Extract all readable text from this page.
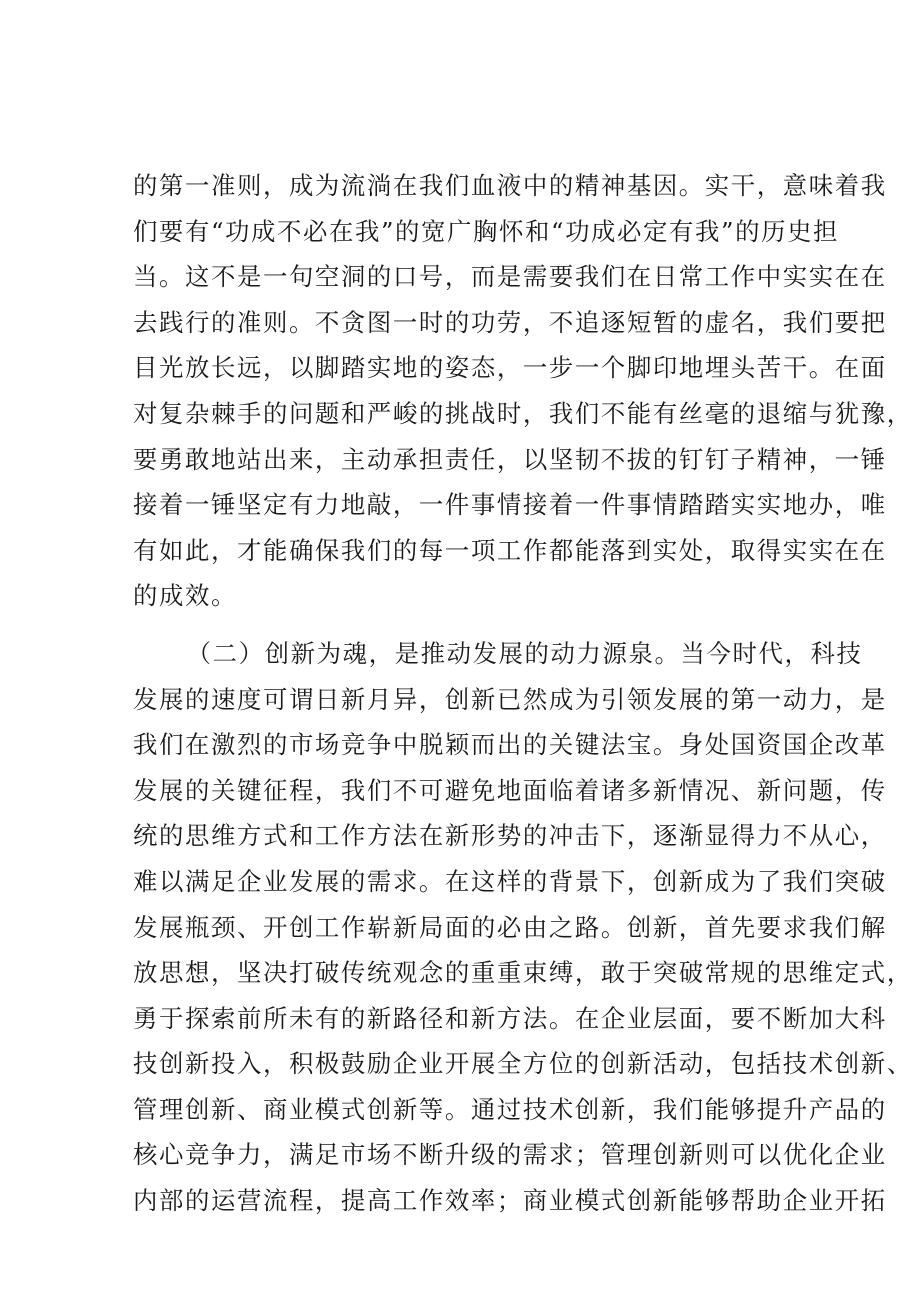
的第一准则，成为流淌在我们血液中的精神基因。实干，意味着我
们要有“功成不必在我”的宽广胸怀和“功成必定有我”的历史担
当。这不是一句空洞的口号，而是需要我们在日常工作中实实在在
去践行的准则。不贪图一时的功劳，不追逐短暂的虚名，我们要把
目光放长远，以脚踏实地的姿态，一步一个脚印地埋头苦干。在面
对复杂棘手的问题和严峻的挑战时，我们不能有丝毫的退缩与犹豫，
要勇敢地站出来，主动承担责任，以坚韧不拔的钉钉子精神，一锤
接着一锤坚定有力地敲，一件事情接着一件事情踏踏实实地办，唯
有如此，才能确保我们的每一项工作都能落到实处，取得实实在在
的成效。
（二）创新为魂，是推动发展的动力源泉。当今时代，科技
发展的速度可谓日新月异，创新已然成为引领发展的第一动力，是
我们在激烈的市场竞争中脱颖而出的关键法宝。身处国资国企改革
发展的关键征程，我们不可避免地面临着诸多新情况、新问题，传
统的思维方式和工作方法在新形势的冲击下，逐渐显得力不从心，
难以满足企业发展的需求。在这样的背景下，创新成为了我们突破
发展瓶颈、开创工作崭新局面的必由之路。创新，首先要求我们解
放思想，坚决打破传统观念的重重束缚，敢于突破常规的思维定式，
勇于探索前所未有的新路径和新方法。在企业层面，要不断加大科
技创新投入，积极鼓励企业开展全方位的创新活动，包括技术创新、
管理创新、商业模式创新等。通过技术创新，我们能够提升产品的
核心竞争力，满足市场不断升级的需求；管理创新则可以优化企业
内部的运营流程，提高工作效率；商业模式创新能够帮助企业开拓
